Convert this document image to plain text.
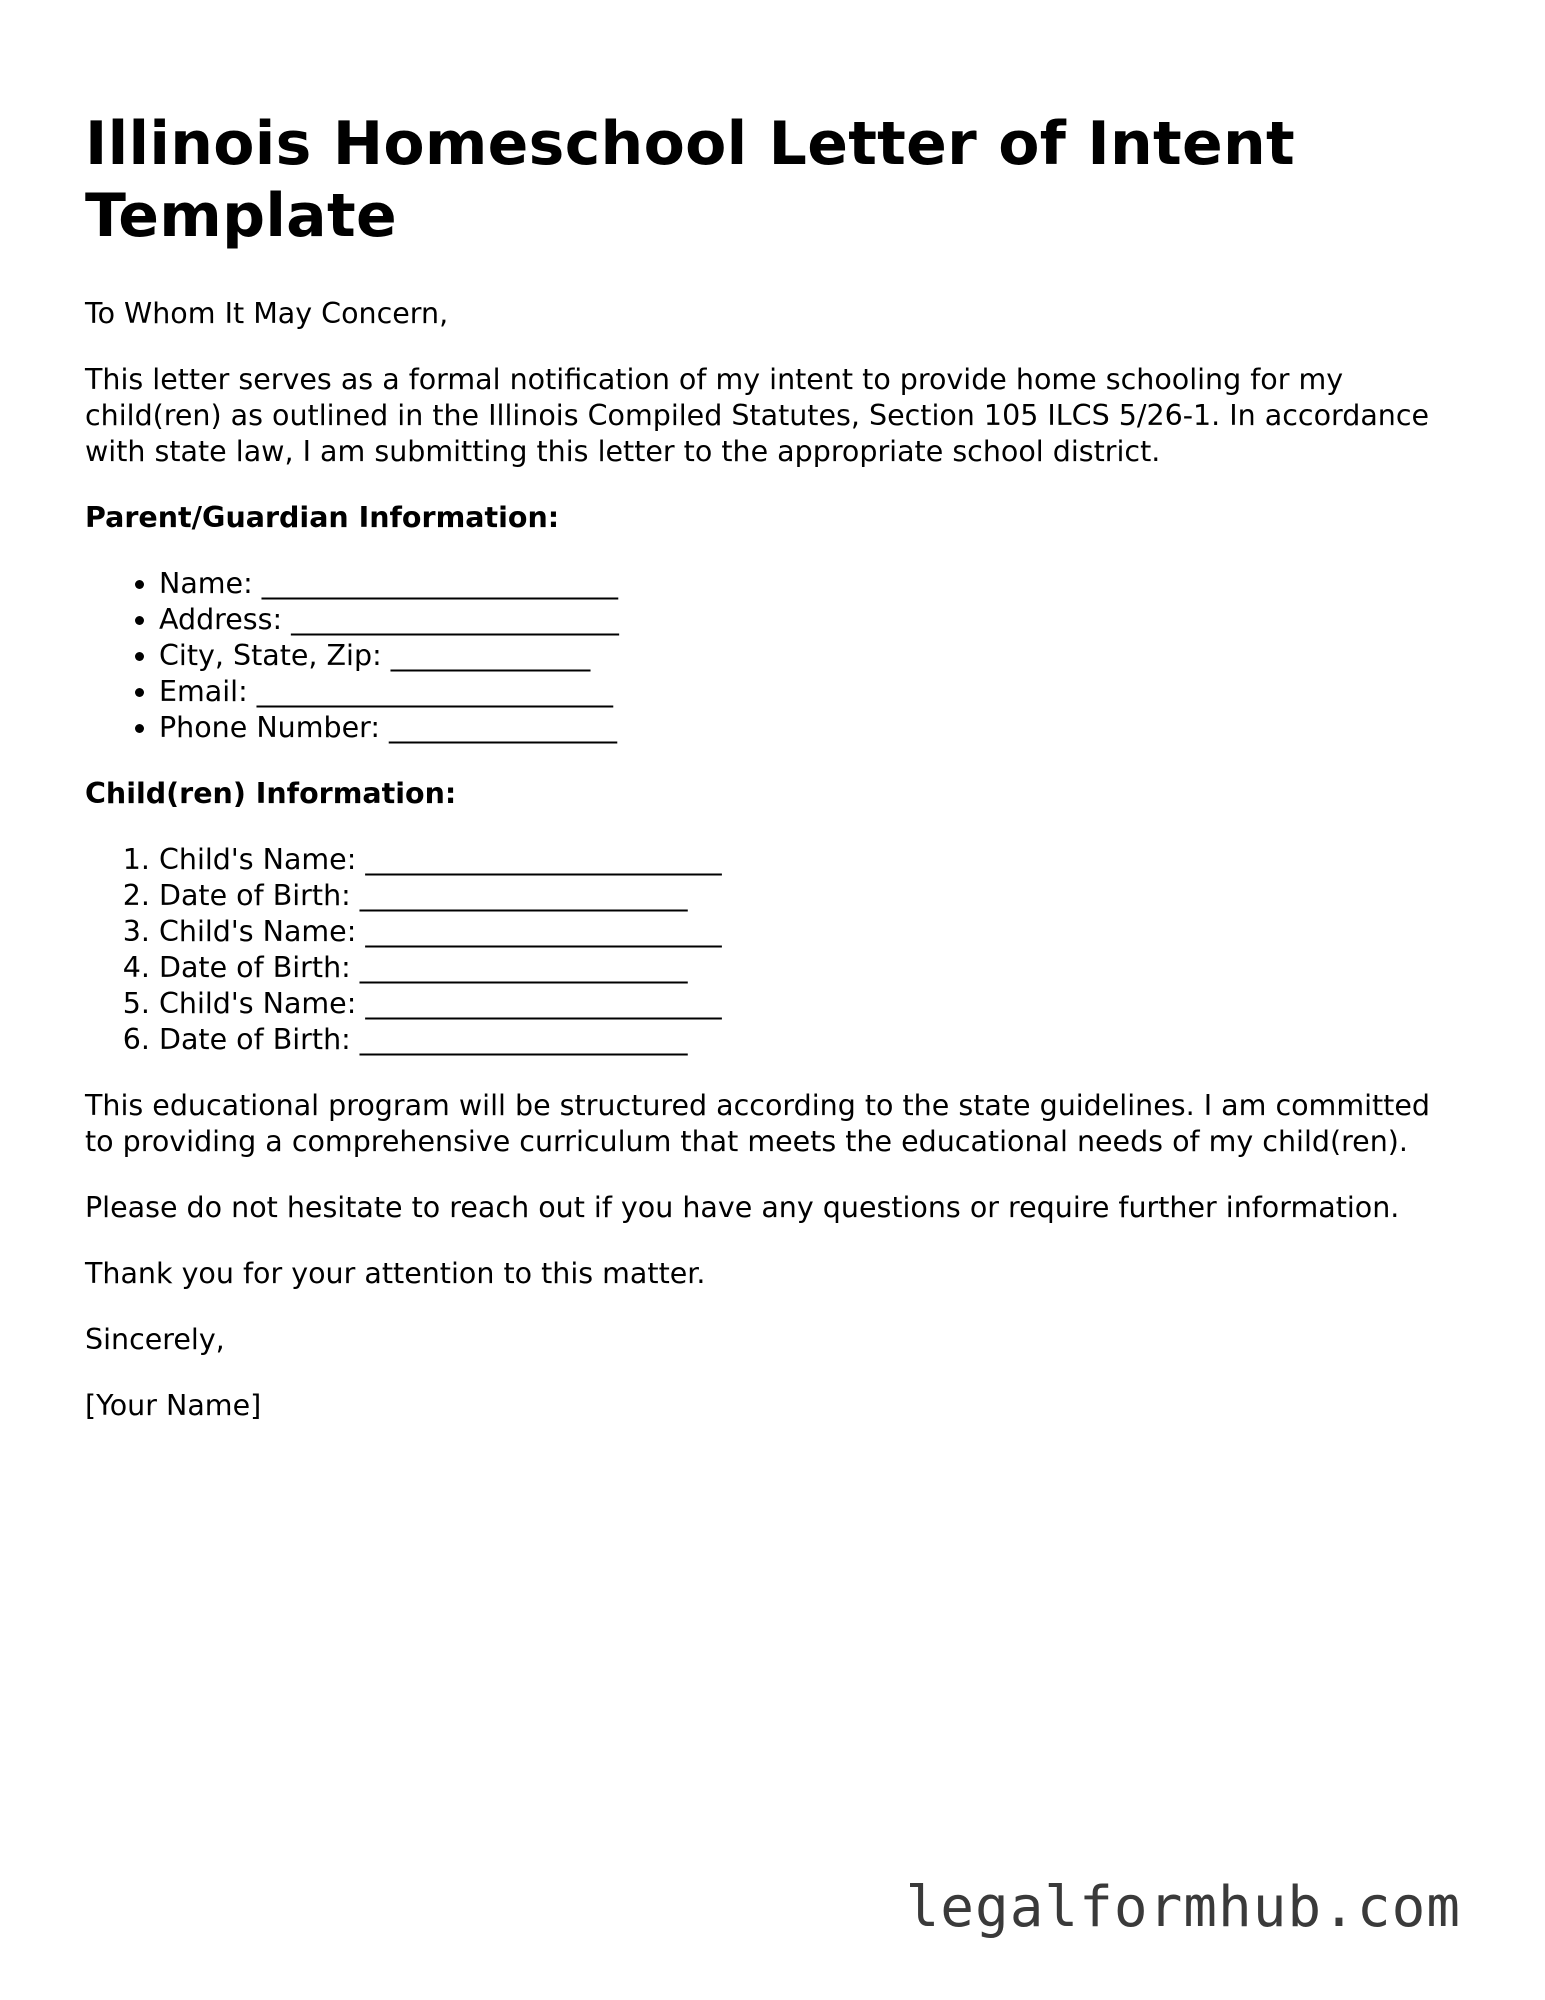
Illinois Homeschool Letter of Intent Template

To Whom It May Concern,

This letter serves as a formal notification of my intent to provide home schooling for my child(ren) as outlined in the Illinois Compiled Statutes, Section 105 ILCS 5/26-1. In accordance with state law, I am submitting this letter to the appropriate school district.

Parent/Guardian Information:

• Name: _________________________
• Address: _______________________
• City, State, Zip: ______________
• Email: _________________________
• Phone Number: ________________

Child(ren) Information:

1. Child's Name: _________________________
2. Date of Birth: _______________________
3. Child's Name: _________________________
4. Date of Birth: _______________________
5. Child's Name: _________________________
6. Date of Birth: _______________________

This educational program will be structured according to the state guidelines. I am committed to providing a comprehensive curriculum that meets the educational needs of my child(ren).

Please do not hesitate to reach out if you have any questions or require further information.

Thank you for your attention to this matter.

Sincerely,

[Your Name]

legalformhub.com
